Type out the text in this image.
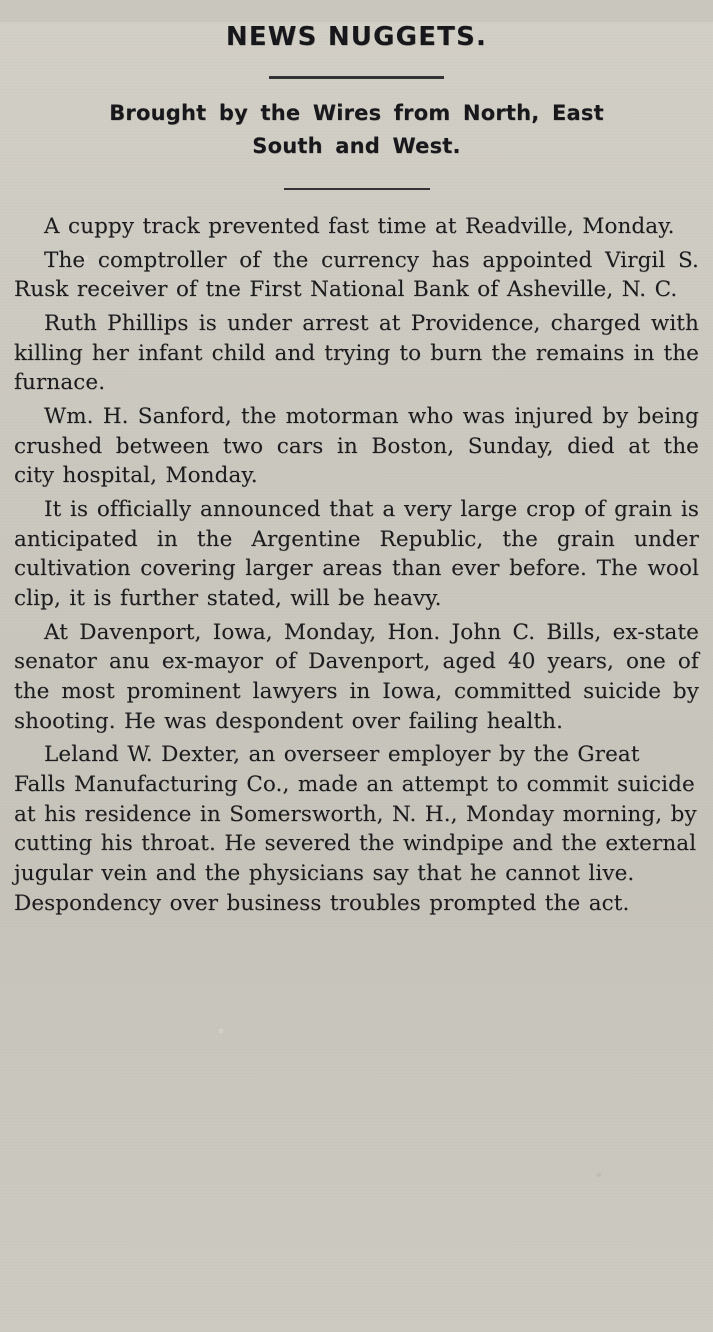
NEWS NUGGETS.
Brought by the Wires from North, East
South and West.

A cuppy track prevented fast time at Readville, Monday.

The comptroller of the currency has appointed Virgil S. Rusk receiver of tne First National Bank of Asheville, N. C.

Ruth Phillips is under arrest at Providence, charged with killing her infant child and trying to burn the remains in the furnace.

Wm. H. Sanford, the motorman who was injured by being crushed between two cars in Boston, Sunday, died at the city hospital, Monday.

It is officially announced that a very large crop of grain is anticipated in the Argentine Republic, the grain under cultivation covering larger areas than ever before. The wool clip, it is further stated, will be heavy.

At Davenport, Iowa, Monday, Hon. John C. Bills, ex-state senator anu ex-mayor of Davenport, aged 40 years, one of the most prominent lawyers in Iowa, committed suicide by shooting. He was despondent over failing health.

Leland W. Dexter, an overseer employer by the Great Falls Manufacturing Co., made an attempt to commit suicide at his residence in Somersworth, N. H., Monday morning, by cutting his throat. He severed the windpipe and the external jugular vein and the physicians say that he cannot live. Despondency over business troubles prompted the act.
